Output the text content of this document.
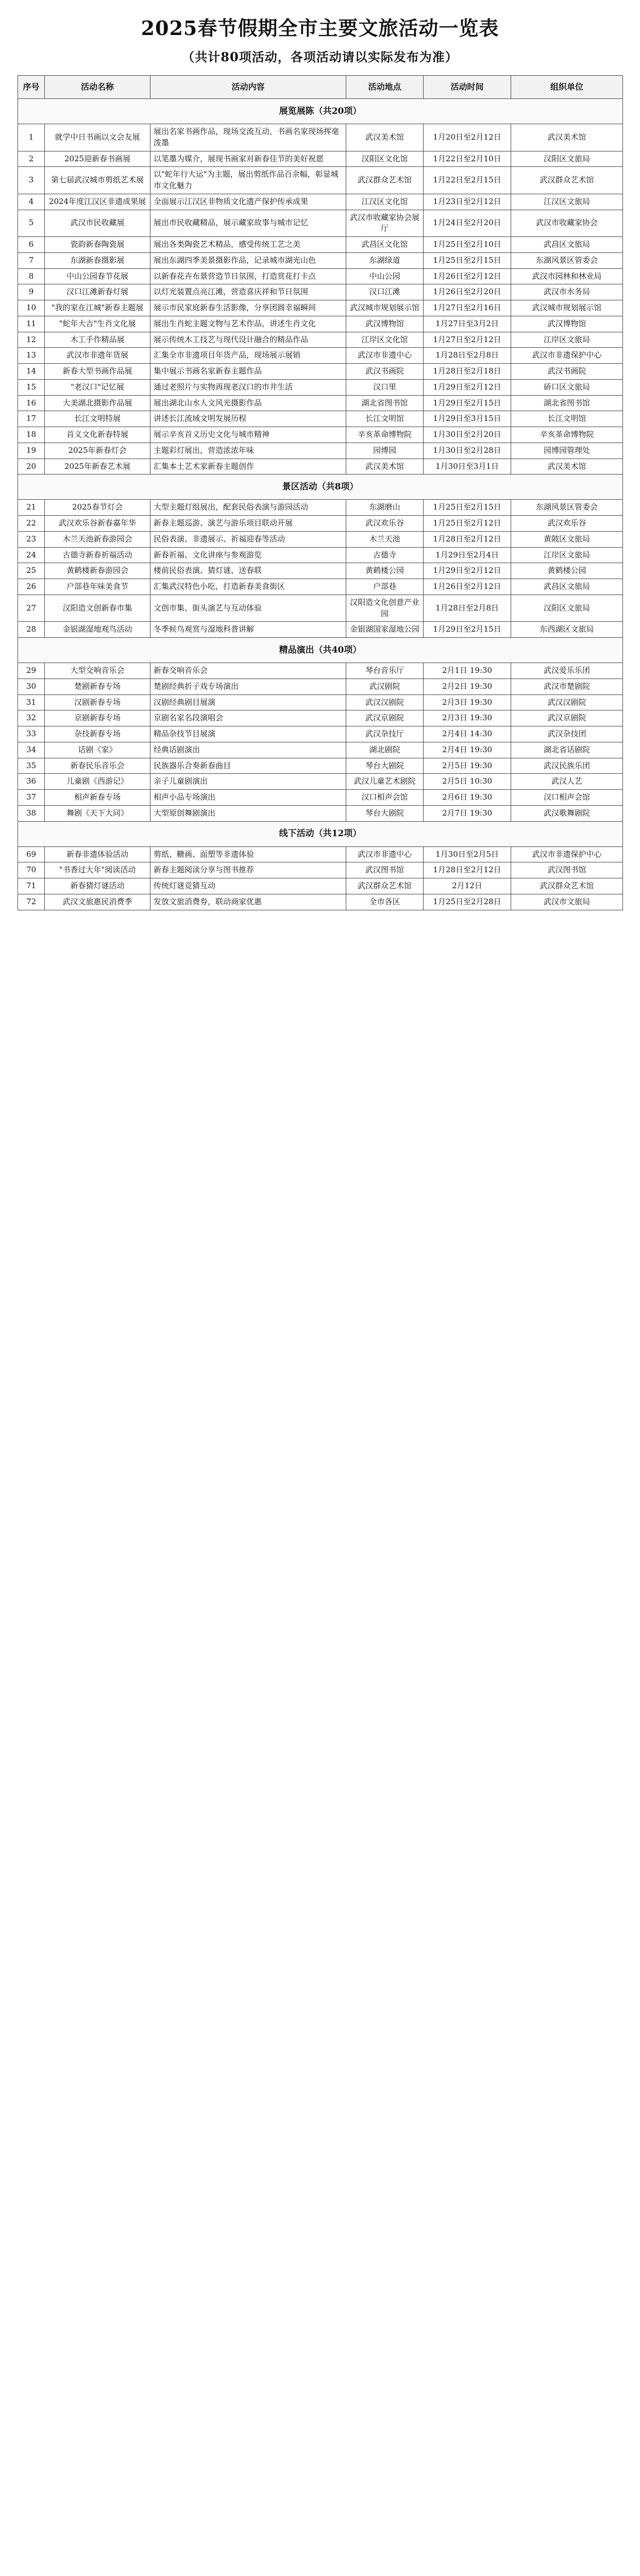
2025春节假期全市主要文旅活动一览表
（共计80项活动，各项活动请以实际发布为准）
序号	活动名称	活动内容	活动地点	活动时间	组织单位
展览展陈（共20项）					
1	就学中日书画以文会友展	展出名家书画作品，现场交流互动，书画名家现场挥毫泼墨	武汉美术馆	1月20日至2月12日	武汉美术馆
2	2025迎新春书画展	以笔墨为媒介，展现书画家对新春佳节的美好祝愿	汉阳区文化馆	1月22日至2月10日	汉阳区文旅局
3	第七届武汉城市剪纸艺术展	以"蛇年行大运"为主题，展出剪纸作品百余幅，彰显城市文化魅力	武汉群众艺术馆	1月22日至2月15日	武汉群众艺术馆
4	2024年度江汉区非遗成果展	全面展示江汉区非物质文化遗产保护传承成果	江汉区文化馆	1月23日至2月12日	江汉区文旅局
5	武汉市民收藏展	展出市民收藏精品，展示藏家故事与城市记忆	武汉市收藏家协会展厅	1月24日至2月20日	武汉市收藏家协会
6	瓷韵新春陶瓷展	展出各类陶瓷艺术精品，感受传统工艺之美	武昌区文化馆	1月25日至2月10日	武昌区文旅局
7	东湖新春摄影展	展出东湖四季美景摄影作品，记录城市湖光山色	东湖绿道	1月25日至2月15日	东湖风景区管委会
8	中山公园春节花展	以新春花卉布景营造节日氛围，打造赏花打卡点	中山公园	1月26日至2月12日	武汉市园林和林业局
9	汉口江滩新春灯展	以灯光装置点亮江滩，营造喜庆祥和节日氛围	汉口江滩	1月26日至2月20日	武汉市水务局
10	"我的家在江城"新春主题展	展示市民家庭新春生活影像，分享团圆幸福瞬间	武汉城市规划展示馆	1月27日至2月16日	武汉城市规划展示馆
11	"蛇年大吉"生肖文化展	展出生肖蛇主题文物与艺术作品，讲述生肖文化	武汉博物馆	1月27日至3月2日	武汉博物馆
12	木工手作精品展	展示传统木工技艺与现代设计融合的精品作品	江岸区文化馆	1月27日至2月12日	江岸区文旅局
13	武汉市非遗年货展	汇集全市非遗项目年货产品，现场展示展销	武汉市非遗中心	1月28日至2月8日	武汉市非遗保护中心
14	新春大型书画作品展	集中展示书画名家新春主题作品	武汉书画院	1月28日至2月18日	武汉书画院
15	"老汉口"记忆展	通过老照片与实物再现老汉口的市井生活	汉口里	1月29日至2月12日	硚口区文旅局
16	大美湖北摄影作品展	展出湖北山水人文风光摄影作品	湖北省图书馆	1月29日至2月15日	湖北省图书馆
17	长江文明特展	讲述长江流域文明发展历程	长江文明馆	1月29日至3月15日	长江文明馆
18	首义文化新春特展	展示辛亥首义历史文化与城市精神	辛亥革命博物院	1月30日至2月20日	辛亥革命博物院
19	2025年新春灯会	主题彩灯展出，营造浓浓年味	园博园	1月30日至2月28日	园博园管理处
20	2025年新春艺术展	汇集本土艺术家新春主题创作	武汉美术馆	1月30日至3月1日	武汉美术馆
景区活动（共8项）					
21	2025春节灯会	大型主题灯组展出，配套民俗表演与游园活动	东湖磨山	1月25日至2月15日	东湖风景区管委会
22	武汉欢乐谷新春嘉年华	新春主题巡游、演艺与游乐项目联动开展	武汉欢乐谷	1月25日至2月12日	武汉欢乐谷
23	木兰天池新春游园会	民俗表演、非遗展示、祈福迎春等活动	木兰天池	1月28日至2月12日	黄陂区文旅局
24	古德寺新春祈福活动	新春祈福、文化讲座与参观游览	古德寺	1月29日至2月4日	江岸区文旅局
25	黄鹤楼新春游园会	楼前民俗表演、猜灯谜、送春联	黄鹤楼公园	1月29日至2月12日	黄鹤楼公园
26	户部巷年味美食节	汇集武汉特色小吃，打造新春美食街区	户部巷	1月26日至2月12日	武昌区文旅局
27	汉阳造文创新春市集	文创市集、街头演艺与互动体验	汉阳造文化创意产业园	1月28日至2月8日	汉阳区文旅局
28	金银湖湿地观鸟活动	冬季候鸟观赏与湿地科普讲解	金银湖国家湿地公园	1月29日至2月15日	东西湖区文旅局
精品演出（共40项）					
29	大型交响音乐会	新春交响音乐会	琴台音乐厅	2月1日 19:30	武汉爱乐乐团
30	楚剧新春专场	楚剧经典折子戏专场演出	武汉剧院	2月2日 19:30	武汉市楚剧院
31	汉剧新春专场	汉剧经典剧目展演	武汉汉剧院	2月3日 19:30	武汉汉剧院
32	京剧新春专场	京剧名家名段演唱会	武汉京剧院	2月3日 19:30	武汉京剧院
33	杂技新春专场	精品杂技节目展演	武汉杂技厅	2月4日 14:30	武汉杂技团
34	话剧《家》	经典话剧演出	湖北剧院	2月4日 19:30	湖北省话剧院
35	新春民乐音乐会	民族器乐合奏新春曲目	琴台大剧院	2月5日 19:30	武汉民族乐团
36	儿童剧《西游记》	亲子儿童剧演出	武汉儿童艺术剧院	2月5日 10:30	武汉人艺
37	相声新春专场	相声小品专场演出	汉口相声会馆	2月6日 19:30	汉口相声会馆
38	舞剧《天下大同》	大型原创舞剧演出	琴台大剧院	2月7日 19:30	武汉歌舞剧院
线下活动（共12项）					
69	新春非遗体验活动	剪纸、糖画、面塑等非遗体验	武汉市非遗中心	1月30日至2月5日	武汉市非遗保护中心
70	"书香过大年"阅读活动	新春主题阅读分享与图书推荐	武汉图书馆	1月28日至2月12日	武汉图书馆
71	新春猜灯谜活动	传统灯谜竞猜互动	武汉群众艺术馆	2月12日	武汉群众艺术馆
72	武汉文旅惠民消费季	发放文旅消费券，联动商家优惠	全市各区	1月25日至2月28日	武汉市文旅局
